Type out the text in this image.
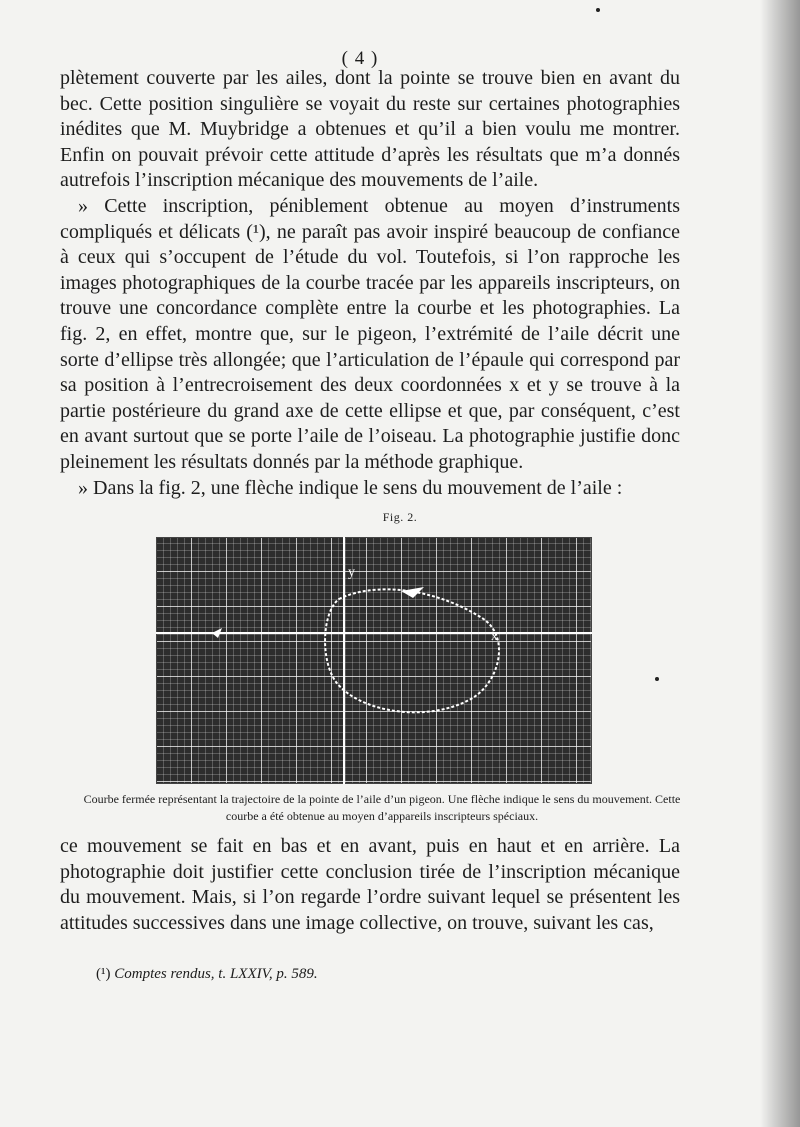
( 4 )

plètement couverte par les ailes, dont la pointe se trouve bien en avant du bec. Cette position singulière se voyait du reste sur certaines photographies inédites que M. Muybridge a obtenues et qu’il a bien voulu me montrer. Enfin on pouvait prévoir cette attitude d’après les résultats que m’a donnés autrefois l’inscription mécanique des mouvements de l’aile.

» Cette inscription, péniblement obtenue au moyen d’instruments compliqués et délicats (¹), ne paraît pas avoir inspiré beaucoup de confiance à ceux qui s’occupent de l’étude du vol. Toutefois, si l’on rapproche les images photographiques de la courbe tracée par les appareils inscripteurs, on trouve une concordance complète entre la courbe et les photographies. La fig. 2, en effet, montre que, sur le pigeon, l’extrémité de l’aile décrit une sorte d’ellipse très allongée; que l’articulation de l’épaule qui correspond par sa position à l’entrecroisement des deux coordonnées x et y se trouve à la partie postérieure du grand axe de cette ellipse et que, par conséquent, c’est en avant surtout que se porte l’aile de l’oiseau. La photographie justifie donc pleinement les résultats donnés par la méthode graphique.

» Dans la fig. 2, une flèche indique le sens du mouvement de l’aile :

Fig. 2.
y
x
Courbe fermée représentant la trajectoire de la pointe de l’aile d’un pigeon. Une flèche indique le sens du mouvement. Cette courbe a été obtenue au moyen d’appareils inscripteurs spéciaux.

ce mouvement se fait en bas et en avant, puis en haut et en arrière. La photographie doit justifier cette conclusion tirée de l’inscription mécanique du mouvement. Mais, si l’on regarde l’ordre suivant lequel se présentent les attitudes successives dans une image collective, on trouve, suivant les cas,

(¹) Comptes rendus, t. LXXIV, p. 589.
